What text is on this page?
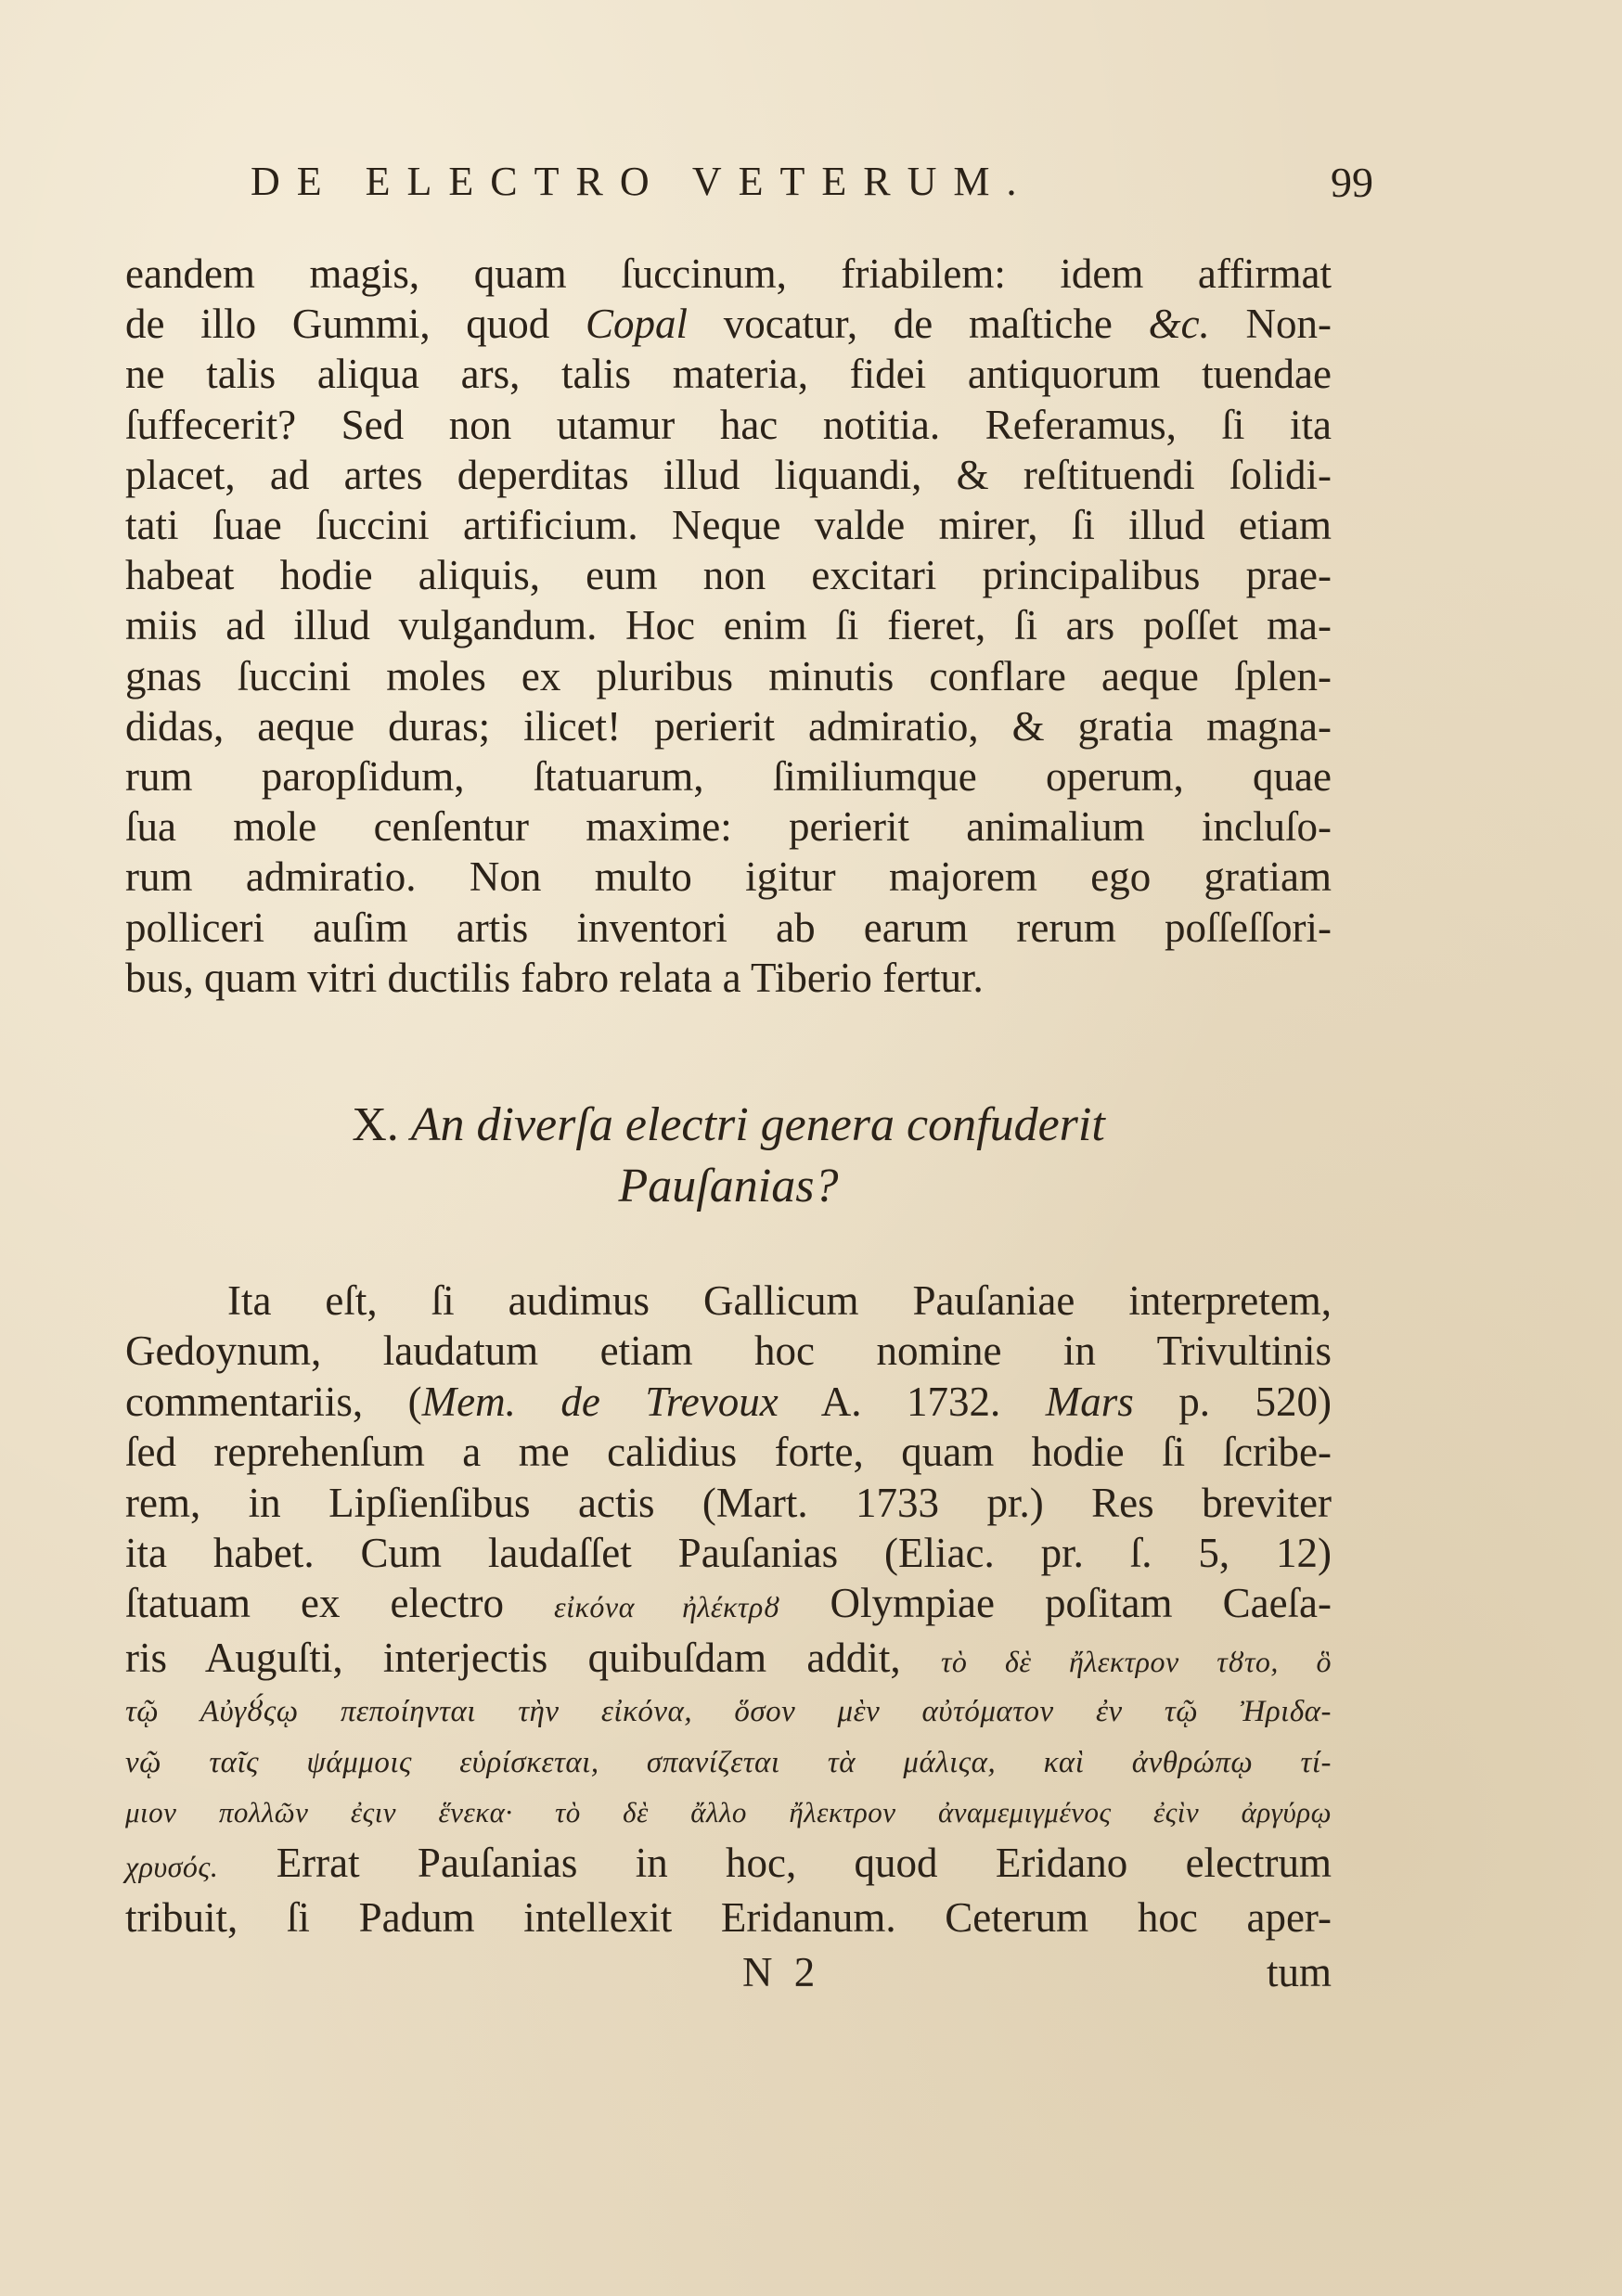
DE ELECTRO VETERUM.	99
eandem magis, quam ſuccinum, friabilem: idem affirmat
de illo Gummi, quod Copal vocatur, de maſtiche &c. Non-
ne talis aliqua ars, talis materia, fidei antiquorum tuendae
ſuffecerit? Sed non utamur hac notitia. Referamus, ſi ita
placet, ad artes deperditas illud liquandi, & reſtituendi ſolidi-
tati ſuae ſuccini artificium. Neque valde mirer, ſi illud etiam
habeat hodie aliquis, eum non excitari principalibus prae-
miis ad illud vulgandum. Hoc enim ſi fieret, ſi ars poſſet ma-
gnas ſuccini moles ex pluribus minutis conflare aeque ſplen-
didas, aeque duras; ilicet! perierit admiratio, & gratia magna-
rum paropſidum, ſtatuarum, ſimiliumque operum, quae
ſua mole cenſentur maxime: perierit animalium incluſo-
rum admiratio. Non multo igitur majorem ego gratiam
polliceri auſim artis inventori ab earum rerum poſſeſſori-
bus, quam vitri ductilis fabro relata a Tiberio fertur.
X. An diverſa electri genera confuderit
Pauſanias?
Ita eſt, ſi audimus Gallicum Pauſaniae interpretem,
Gedoynum, laudatum etiam hoc nomine in Trivultinis
commentariis, (Mem. de Trevoux A. 1732. Mars p. 520)
ſed reprehenſum a me calidius forte, quam hodie ſi ſcribe-
rem, in Lipſienſibus actis (Mart. 1733 pr.) Res breviter
ita habet. Cum laudaſſet Pauſanias (Eliac. pr. ſ. 5, 12)
ſtatuam ex electro εἰκόνα ἠλέκτρȣ Olympiae poſitam Caeſa-
ris Auguſti, interjectis quibuſdam addit, τὸ δὲ ἤλεκτρον τȣτο, ὃ
τῷ Αὐγȣ́ςῳ πεποίηνται τὴν εἰκόνα, ὅσον μὲν αὐτόματον ἐν τῷ Ἠριδα-
νῷ ταῖς ψάμμοις εὑρίσκεται, σπανίζεται τὰ μάλιςα, καὶ ἀνθρώπῳ τί-
μιον πολλῶν ἐςιν ἕνεκα· τὸ δὲ ἄλλο ἤλεκτρον ἀναμεμιγμένος ἐςὶν ἀργύρῳ
χρυσός. Errat Pauſanias in hoc, quod Eridano electrum
tribuit, ſi Padum intellexit Eridanum. Ceterum hoc aper-
N 2	tum
